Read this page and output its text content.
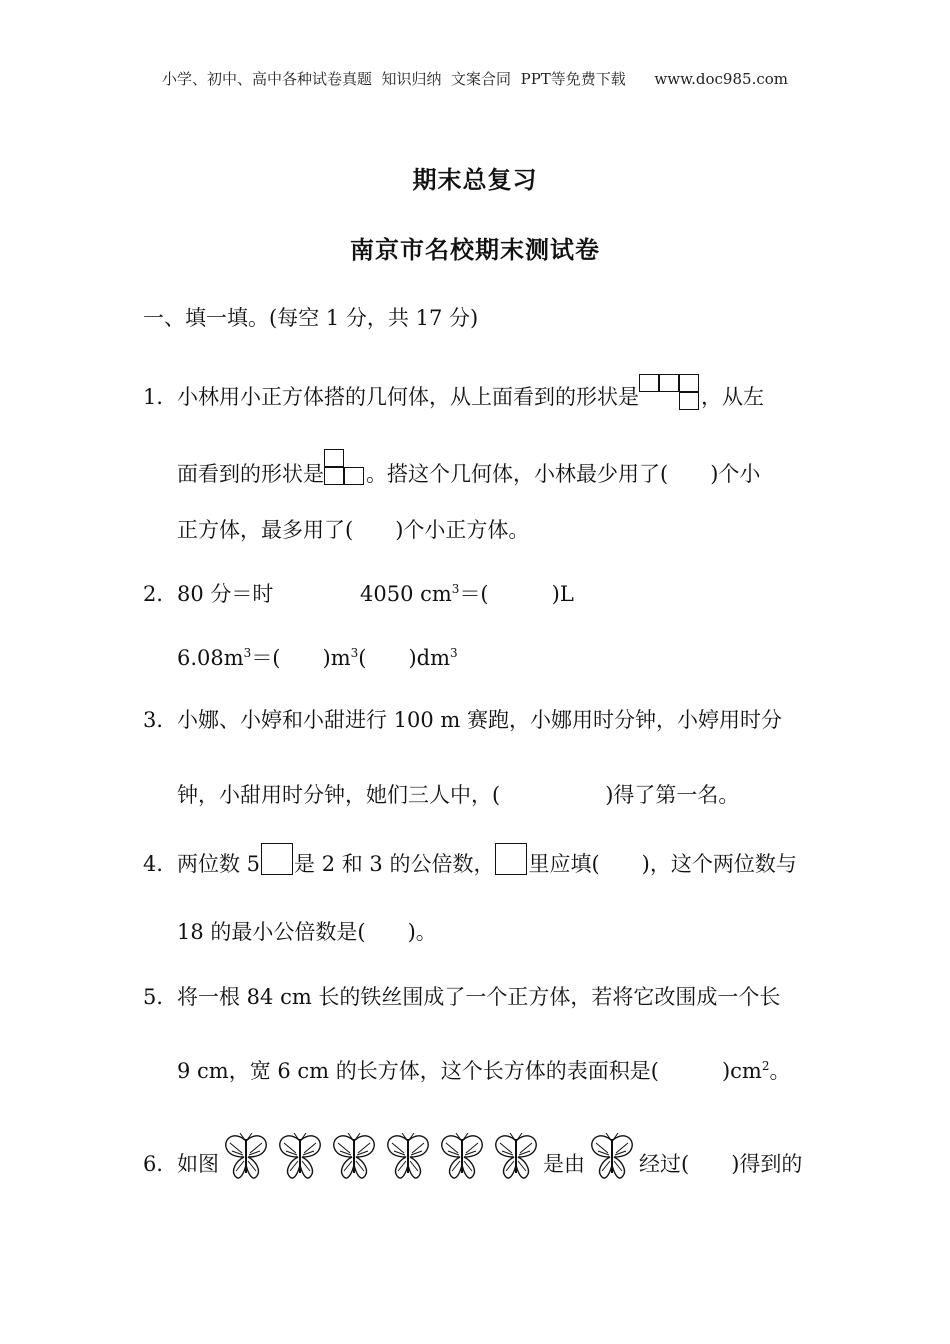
小学、初中、高中各种试卷真题  知识归纳  文案合同  PPT等免费下载      www.doc985.com
期末总复习
南京市名校期末测试卷
一、填一填。(每空 1 分，共 17 分)
1．小林用小正方体搭的几何体，从上面看到的形状是	，从左
面看到的形状是 。搭这个几何体，小林最少用了(　　)个小
正方体，最多用了(　　)个小正方体。
2．80 分＝时	4050 $cm^3=$(　　　)L
$6.08m^3=$(　　)$m^3$(　　)$dm^3$
3．小娜、小婷和小甜进行 100 m 赛跑，小娜用时分钟，小婷用时分
钟，小甜用时分钟，她们三人中，(　　　　　)得了第一名。
4．两位数 5 是 2 和 3 的公倍数， 里应填(　　)，这个两位数与
18 的最小公倍数是(　　)。
5．将一根 84 cm 长的铁丝围成了一个正方体，若将它改围成一个长
9 cm，宽 6 cm 的长方体，这个长方体的表面积是(　　　)$cm^2$。
6．如图	是由	经过(　　)得到的
